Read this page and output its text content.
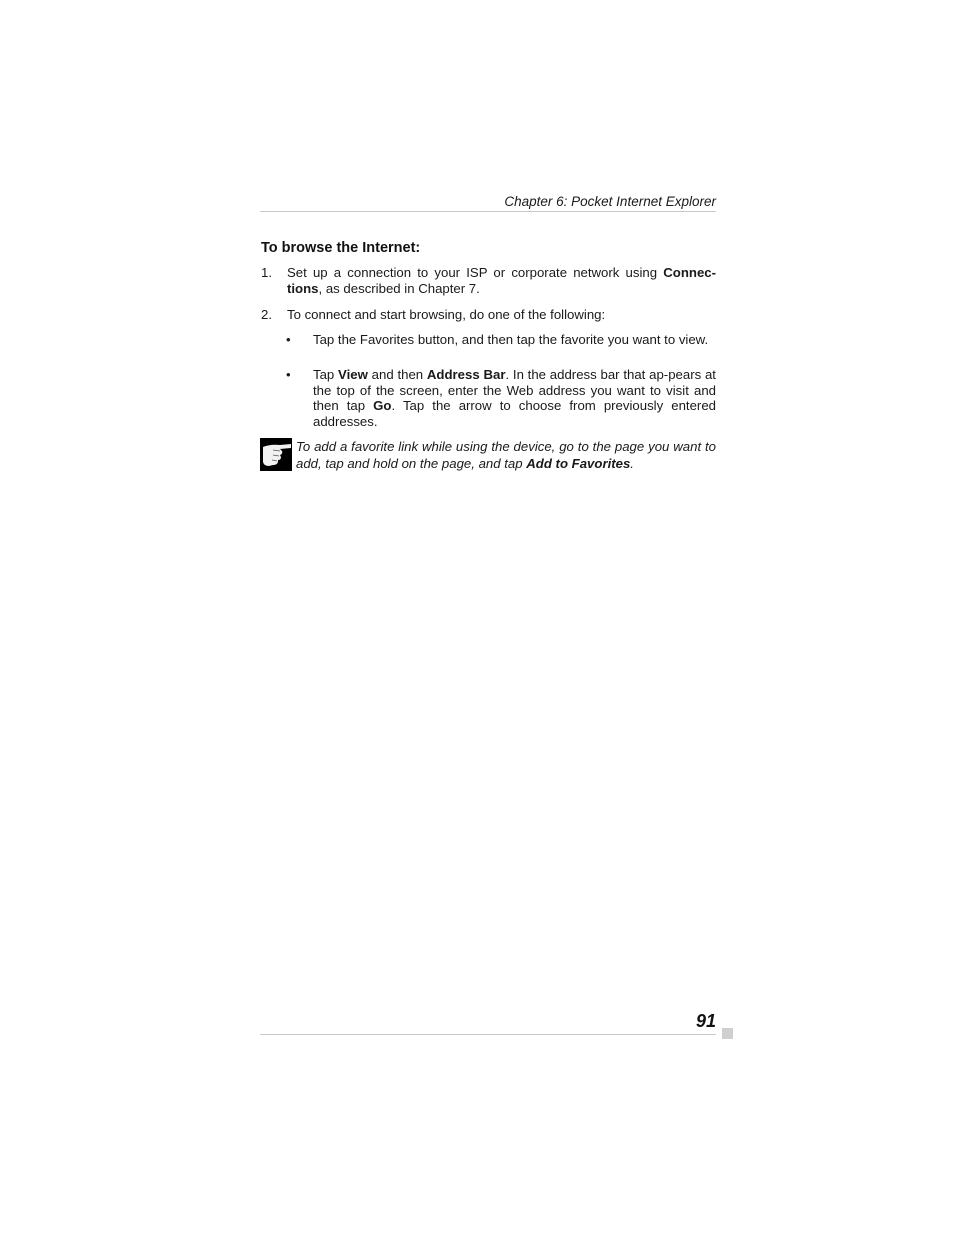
Chapter 6: Pocket Internet Explorer
To browse the Internet:
1.	Set up a connection to your ISP or corporate network using Connec-tions, as described in Chapter 7.
2.	To connect and start browsing, do one of the following:
•	Tap the Favorites button, and then tap the favorite you want to view.
•	Tap View and then Address Bar. In the address bar that ap-pears at the top of the screen, enter the Web address you want to visit and then tap Go. Tap the arrow to choose from previously entered addresses.
To add a favorite link while using the device, go to the page you want to add, tap and hold on the page, and tap Add to Favorites.
91
